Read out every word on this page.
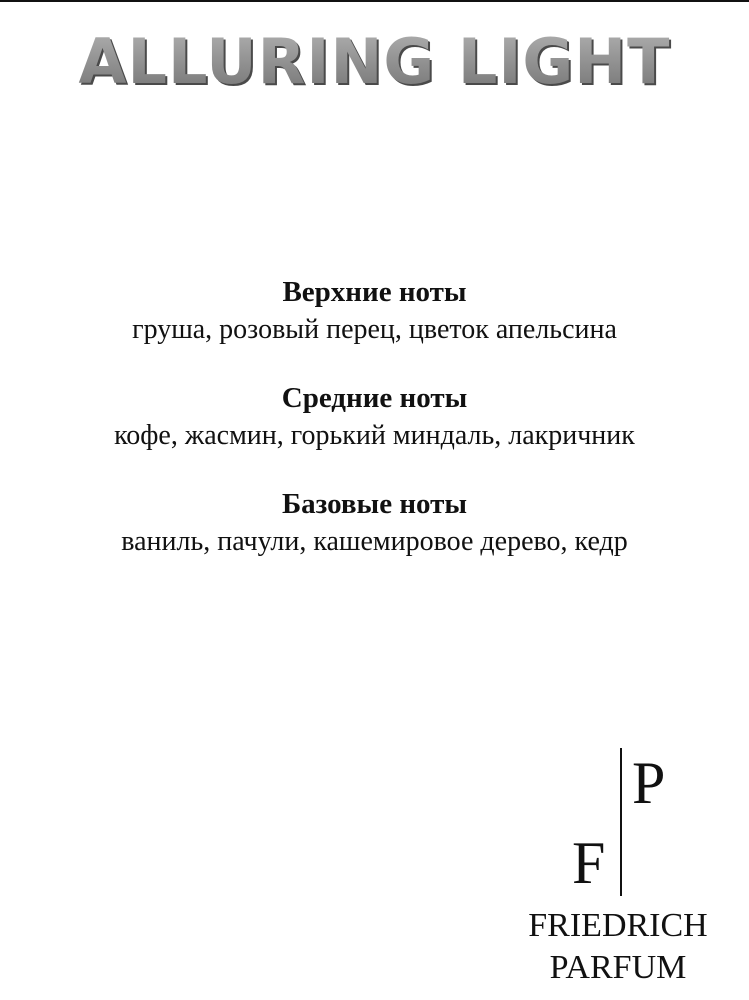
ALLURING LIGHT

Верхние ноты

груша, розовый перец, цветок апельсина

Средние ноты

кофе, жасмин, горький миндаль, лакричник

Базовые ноты

ваниль, пачули, кашемировое дерево, кедр

F
P
FRIEDRICH
PARFUM
